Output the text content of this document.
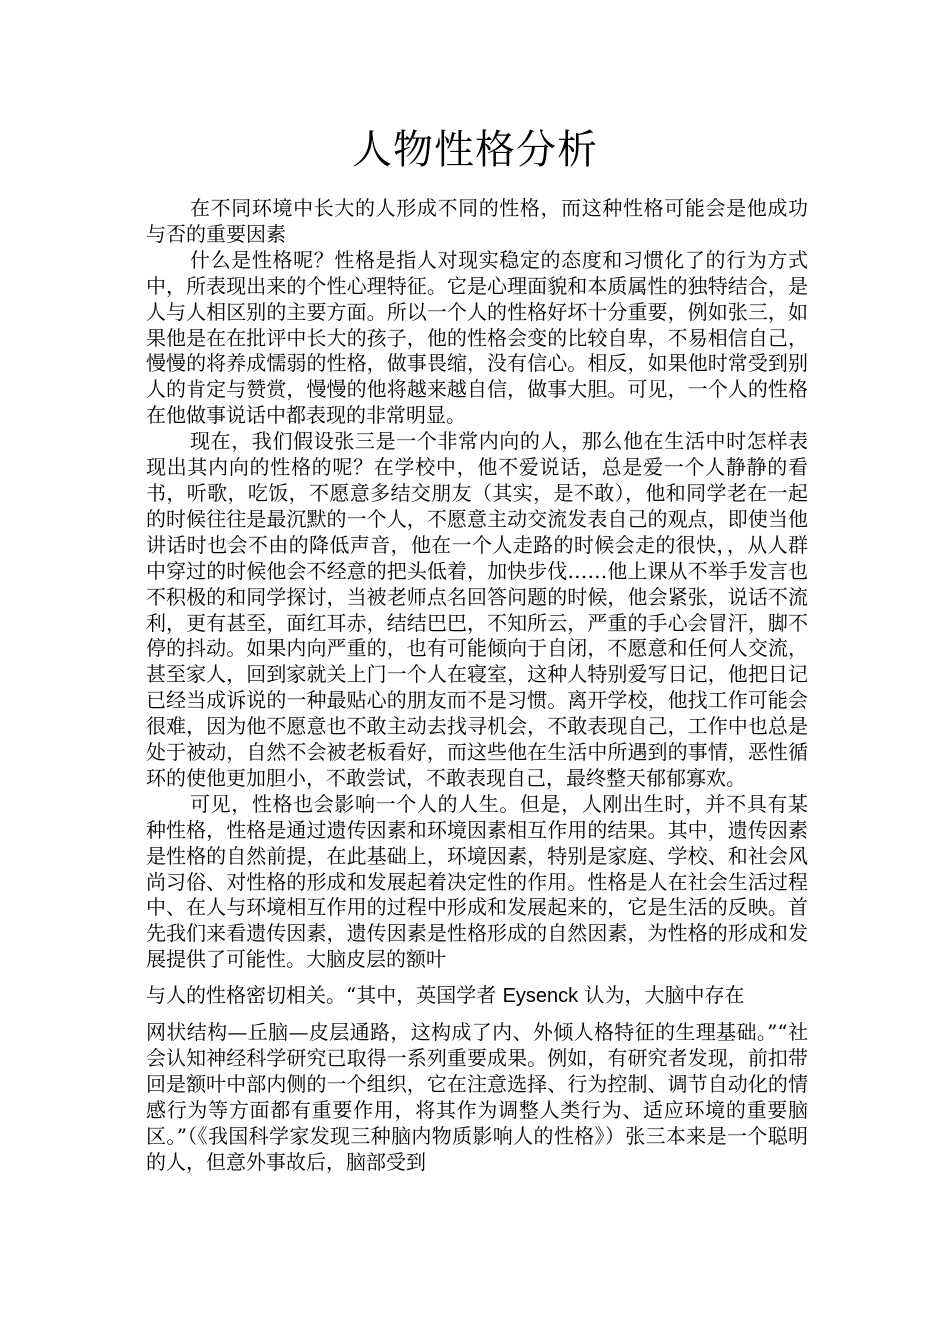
人物性格分析

在不同环境中长大的人形成不同的性格，而这种性格可能会是他成功与否的重要因素

什么是性格呢？性格是指人对现实稳定的态度和习惯化了的行为方式中，所表现出来的个性心理特征。它是心理面貌和本质属性的独特结合，是人与人相区别的主要方面。所以一个人的性格好坏十分重要，例如张三，如果他是在在批评中长大的孩子，他的性格会变的比较自卑，不易相信自己，慢慢的将养成懦弱的性格，做事畏缩，没有信心。相反，如果他时常受到别人的肯定与赞赏，慢慢的他将越来越自信，做事大胆。可见，一个人的性格在他做事说话中都表现的非常明显。

现在，我们假设张三是一个非常内向的人，那么他在生活中时怎样表现出其内向的性格的呢？在学校中，他不爱说话，总是爱一个人静静的看书，听歌，吃饭，不愿意多结交朋友（其实，是不敢），他和同学老在一起的时候往往是最沉默的一个人，不愿意主动交流发表自己的观点，即使当他讲话时也会不由的降低声音，他在一个人走路的时候会走的很快，，从人群中穿过的时候他会不经意的把头低着，加快步伐……他上课从不举手发言也不积极的和同学探讨，当被老师点名回答问题的时候，他会紧张，说话不流利，更有甚至，面红耳赤，结结巴巴，不知所云，严重的手心会冒汗，脚不停的抖动。如果内向严重的，也有可能倾向于自闭，不愿意和任何人交流，甚至家人，回到家就关上门一个人在寝室，这种人特别爱写日记，他把日记已经当成诉说的一种最贴心的朋友而不是习惯。离开学校，他找工作可能会很难，因为他不愿意也不敢主动去找寻机会，不敢表现自己，工作中也总是处于被动，自然不会被老板看好，而这些他在生活中所遇到的事情，恶性循环的使他更加胆小，不敢尝试，不敢表现自己，最终整天郁郁寡欢。

可见，性格也会影响一个人的人生。但是，人刚出生时，并不具有某种性格，性格是通过遗传因素和环境因素相互作用的结果。其中，遗传因素是性格的自然前提，在此基础上，环境因素，特别是家庭、学校、和社会风尚习俗、对性格的形成和发展起着决定性的作用。性格是人在社会生活过程中、在人与环境相互作用的过程中形成和发展起来的，它是生活的反映。首先我们来看遗传因素，遗传因素是性格形成的自然因素，为性格的形成和发展提供了可能性。大脑皮层的额叶

与人的性格密切相关。“其中，英国学者 Eysenck 认为，大脑中存在

网状结构—丘脑—皮层通路，这构成了内、外倾人格特征的生理基础。”“社会认知神经科学研究已取得一系列重要成果。例如，有研究者发现，前扣带回是额叶中部内侧的一个组织，它在注意选择、行为控制、调节自动化的情感行为等方面都有重要作用，将其作为调整人类行为、适应环境的重要脑区。”（《我国科学家发现三种脑内物质影响人的性格》）张三本来是一个聪明的人，但意外事故后，脑部受到
